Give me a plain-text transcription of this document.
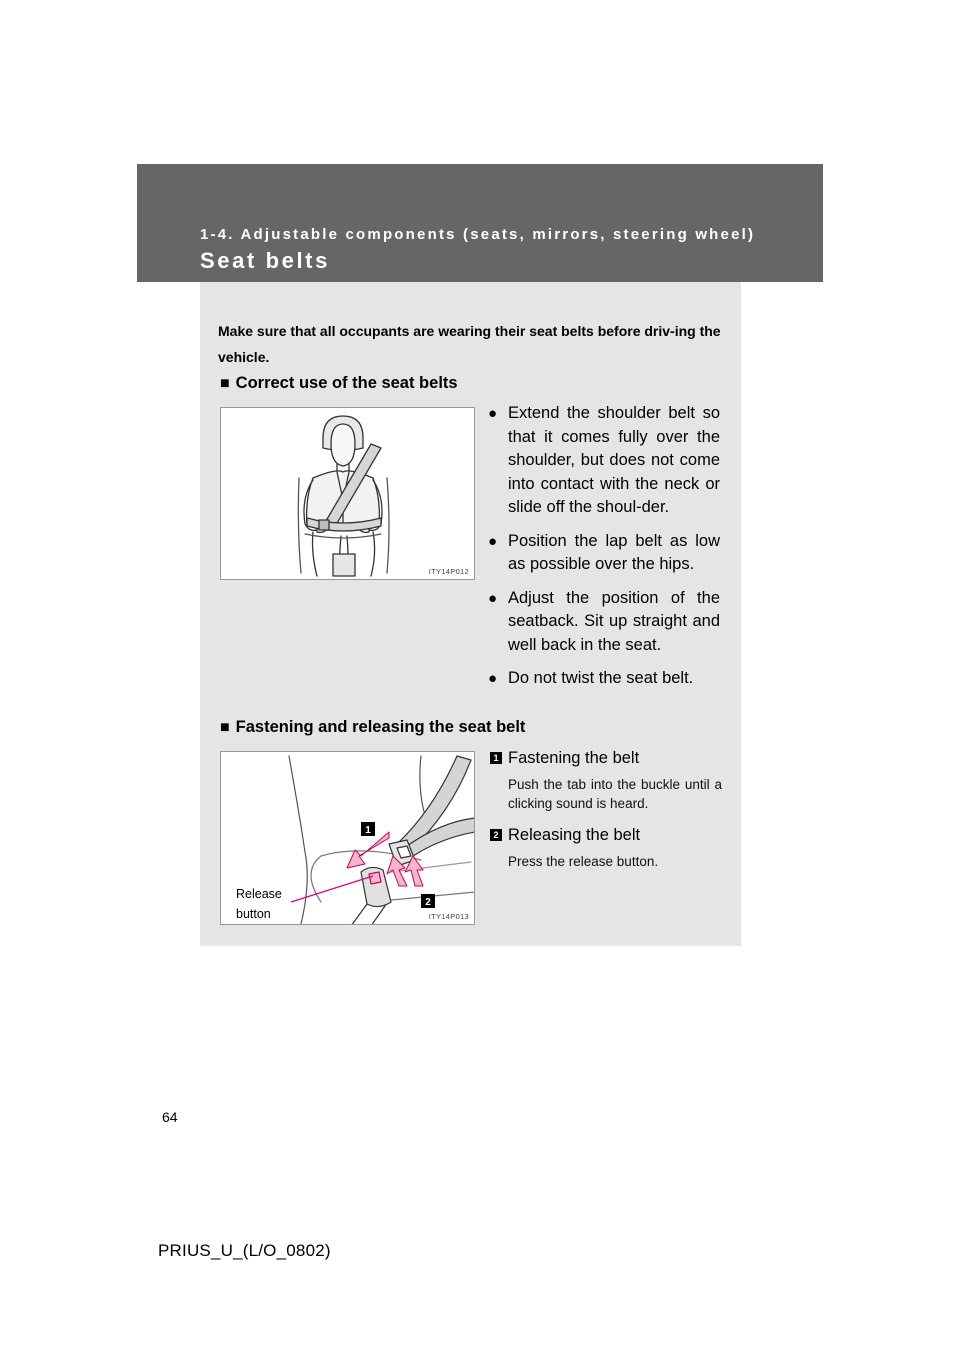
1-4. Adjustable components (seats, mirrors, steering wheel)
Seat belts
Make sure that all occupants are wearing their seat belts before driv-ing the vehicle.
■ Correct use of the seat belts
ITY14P012
● Extend the shoulder belt so that it comes fully over the shoulder, but does not come into contact with the neck or slide off the shoul-der.
● Position the lap belt as low as possible over the hips.
● Adjust the position of the seatback. Sit up straight and well back in the seat.
● Do not twist the seat belt.
■ Fastening and releasing the seat belt
1
2
ITY14P013
Release button
1 Fastening the belt
Push the tab into the buckle until a clicking sound is heard.
2 Releasing the belt
Press the release button.
64
PRIUS_U_(L/O_0802)
